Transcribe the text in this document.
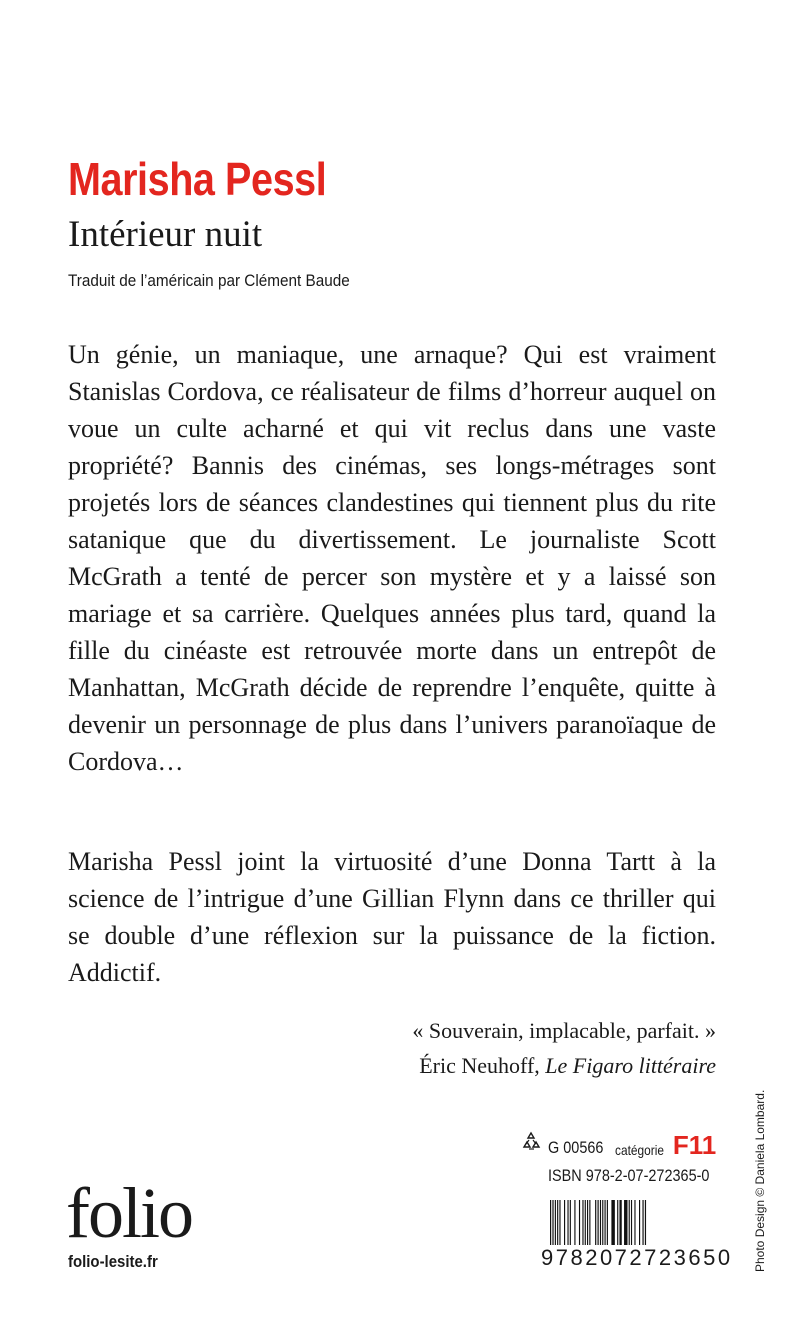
Marisha Pessl
Intérieur nuit
Traduit de l’américain par Clément Baude
Un génie, un maniaque, une arnaque? Qui est vraiment Stanislas Cordova, ce réalisateur de films d’horreur auquel on voue un culte acharné et qui vit reclus dans une vaste propriété? Bannis des cinémas, ses longs-métrages sont projetés lors de séances clandestines qui tiennent plus du rite satanique que du divertissement. Le journaliste Scott McGrath a tenté de percer son mystère et y a laissé son mariage et sa carrière. Quelques années plus tard, quand la fille du cinéaste est retrouvée morte dans un entrepôt de Manhattan, McGrath décide de reprendre l’enquête, quitte à devenir un personnage de plus dans l’univers paranoïaque de Cordova…
Marisha Pessl joint la virtuosité d’une Donna Tartt à la science de l’intrigue d’une Gillian Flynn dans ce thriller qui se double d’une réflexion sur la puissance de la fiction. Addictif.
« Souverain, implacable, parfait. »
Éric Neuhoff, Le Figaro littéraire
G 00566 catégorie F11
ISBN 978-2-07-272365-0
folio
folio-lesite.fr	9782072723650 Photo Design © Daniela Lombard.
